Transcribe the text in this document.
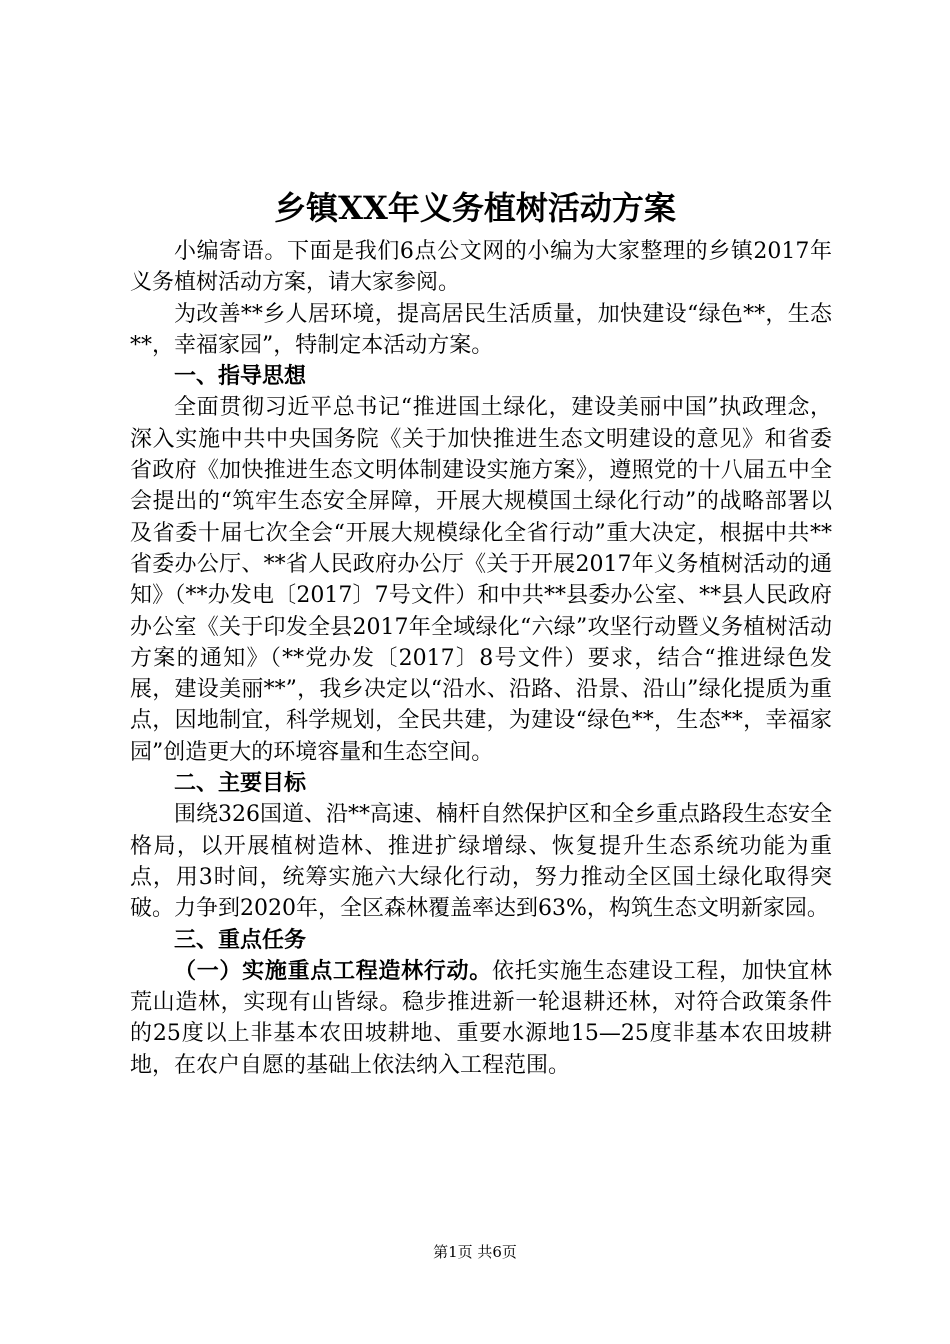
乡镇XX年义务植树活动方案

小编寄语。下面是我们6点公文网的小编为大家整理的乡镇2017年义务植树活动方案，请大家参阅。

为改善**乡人居环境，提高居民生活质量，加快建设“绿色**，生态**，幸福家园”，特制定本活动方案。

一、指导思想

全面贯彻习近平总书记“推进国土绿化，建设美丽中国”执政理念，深入实施中共中央国务院《关于加快推进生态文明建设的意见》和省委省政府《加快推进生态文明体制建设实施方案》，遵照党的十八届五中全会提出的“筑牢生态安全屏障，开展大规模国土绿化行动”的战略部署以及省委十届七次全会“开展大规模绿化全省行动”重大决定，根据中共**省委办公厅、**省人民政府办公厅《关于开展2017年义务植树活动的通知》（**办发电〔2017〕7号文件）和中共**县委办公室、**县人民政府办公室《关于印发全县2017年全域绿化“六绿”攻坚行动暨义务植树活动方案的通知》（**党办发〔2017〕8号文件）要求，结合“推进绿色发展，建设美丽**”，我乡决定以“沿水、沿路、沿景、沿山”绿化提质为重点，因地制宜，科学规划，全民共建，为建设“绿色**，生态**，幸福家园”创造更大的环境容量和生态空间。

二、主要目标

围绕326国道、沿**高速、楠杆自然保护区和全乡重点路段生态安全格局，以开展植树造林、推进扩绿增绿、恢复提升生态系统功能为重点，用3时间，统筹实施六大绿化行动，努力推动全区国土绿化取得突破。力争到2020年，全区森林覆盖率达到63%，构筑生态文明新家园。

三、重点任务

（一）实施重点工程造林行动。依托实施生态建设工程，加快宜林荒山造林，实现有山皆绿。稳步推进新一轮退耕还林，对符合政策条件的25度以上非基本农田坡耕地、重要水源地15—25度非基本农田坡耕地，在农户自愿的基础上依法纳入工程范围。

第1页 共6页
